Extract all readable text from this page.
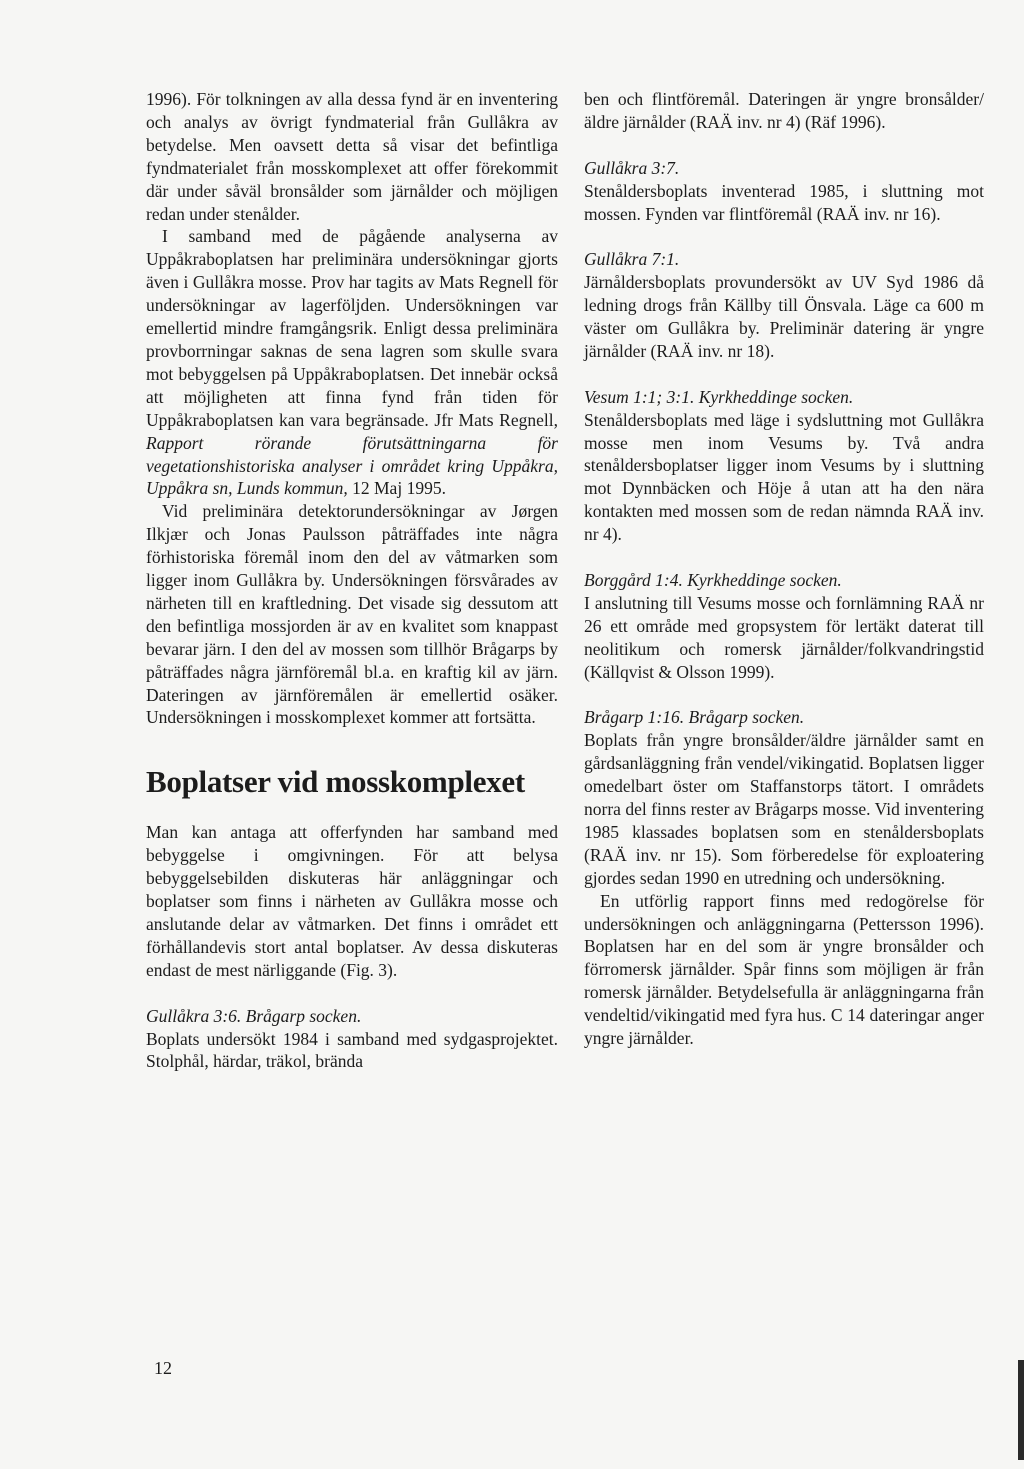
1996). För tolkningen av alla dessa fynd är en inventering och analys av övrigt fyndmaterial från Gullåkra av betydelse. Men oavsett detta så visar det befintliga fyndmaterialet från mosskomplexet att offer förekommit där under såväl bronsålder som järnålder och möjligen redan under stenålder.

I samband med de pågående analyserna av Uppåkraboplatsen har preliminära undersökningar gjorts även i Gullåkra mosse. Prov har tagits av Mats Regnell för undersökningar av lagerföljden. Undersökningen var emellertid mindre framgångsrik. Enligt dessa preliminära provborrningar saknas de sena lagren som skulle svara mot bebyggelsen på Uppåkraboplatsen. Det innebär också att möjligheten att finna fynd från tiden för Uppåkraboplatsen kan vara begränsade. Jfr Mats Regnell, Rapport rörande förutsättningarna för vegetationshistoriska analyser i området kring Uppåkra, Uppåkra sn, Lunds kommun, 12 Maj 1995.

Vid preliminära detektorundersökningar av Jørgen Ilkjær och Jonas Paulsson påträffades inte några förhistoriska föremål inom den del av våtmarken som ligger inom Gullåkra by. Undersökningen försvårades av närheten till en kraftledning. Det visade sig dessutom att den befintliga mossjorden är av en kvalitet som knappast bevarar järn. I den del av mossen som tillhör Brågarps by påträffades några järnföremål bl.a. en kraftig kil av järn. Dateringen av järnföremålen är emellertid osäker. Undersökningen i mosskomplexet kommer att fortsätta.

Boplatser vid mosskomplexet

Man kan antaga att offerfynden har samband med bebyggelse i omgivningen. För att belysa bebyggelsebilden diskuteras här anläggningar och boplatser som finns i närheten av Gullåkra mosse och anslutande delar av våtmarken. Det finns i området ett förhållandevis stort antal boplatser. Av dessa diskuteras endast de mest närliggande (Fig. 3).

Gullåkra 3:6. Brågarp socken.

Boplats undersökt 1984 i samband med sydgasprojektet. Stolphål, härdar, träkol, brända

ben och flintföremål. Dateringen är yngre bronsålder/äldre järnålder (RAÄ inv. nr 4) (Räf 1996).

Gullåkra 3:7.

Stenåldersboplats inventerad 1985, i sluttning mot mossen. Fynden var flintföremål (RAÄ inv. nr 16).

Gullåkra 7:1.

Järnåldersboplats provundersökt av UV Syd 1986 då ledning drogs från Källby till Önsvala. Läge ca 600 m väster om Gullåkra by. Preliminär datering är yngre järnålder (RAÄ inv. nr 18).

Vesum 1:1; 3:1. Kyrkheddinge socken.

Stenåldersboplats med läge i sydsluttning mot Gullåkra mosse men inom Vesums by. Två andra stenåldersboplatser ligger inom Vesums by i sluttning mot Dynnbäcken och Höje å utan att ha den nära kontakten med mossen som de redan nämnda RAÄ inv. nr 4).

Borggård 1:4. Kyrkheddinge socken.

I anslutning till Vesums mosse och fornlämning RAÄ nr 26 ett område med gropsystem för lertäkt daterat till neolitikum och romersk järnålder/folkvandringstid (Källqvist & Olsson 1999).

Brågarp 1:16. Brågarp socken.

Boplats från yngre bronsålder/äldre järnålder samt en gårdsanläggning från vendel/vikingatid. Boplatsen ligger omedelbart öster om Staffanstorps tätort. I områdets norra del finns rester av Brågarps mosse. Vid inventering 1985 klassades boplatsen som en stenåldersboplats (RAÄ inv. nr 15). Som förberedelse för exploatering gjordes sedan 1990 en utredning och undersökning.

En utförlig rapport finns med redogörelse för undersökningen och anläggningarna (Pettersson 1996). Boplatsen har en del som är yngre bronsålder och förromersk järnålder. Spår finns som möjligen är från romersk järnålder. Betydelsefulla är anläggningarna från vendeltid/vikingatid med fyra hus. C 14 dateringar anger yngre järnålder.

12
